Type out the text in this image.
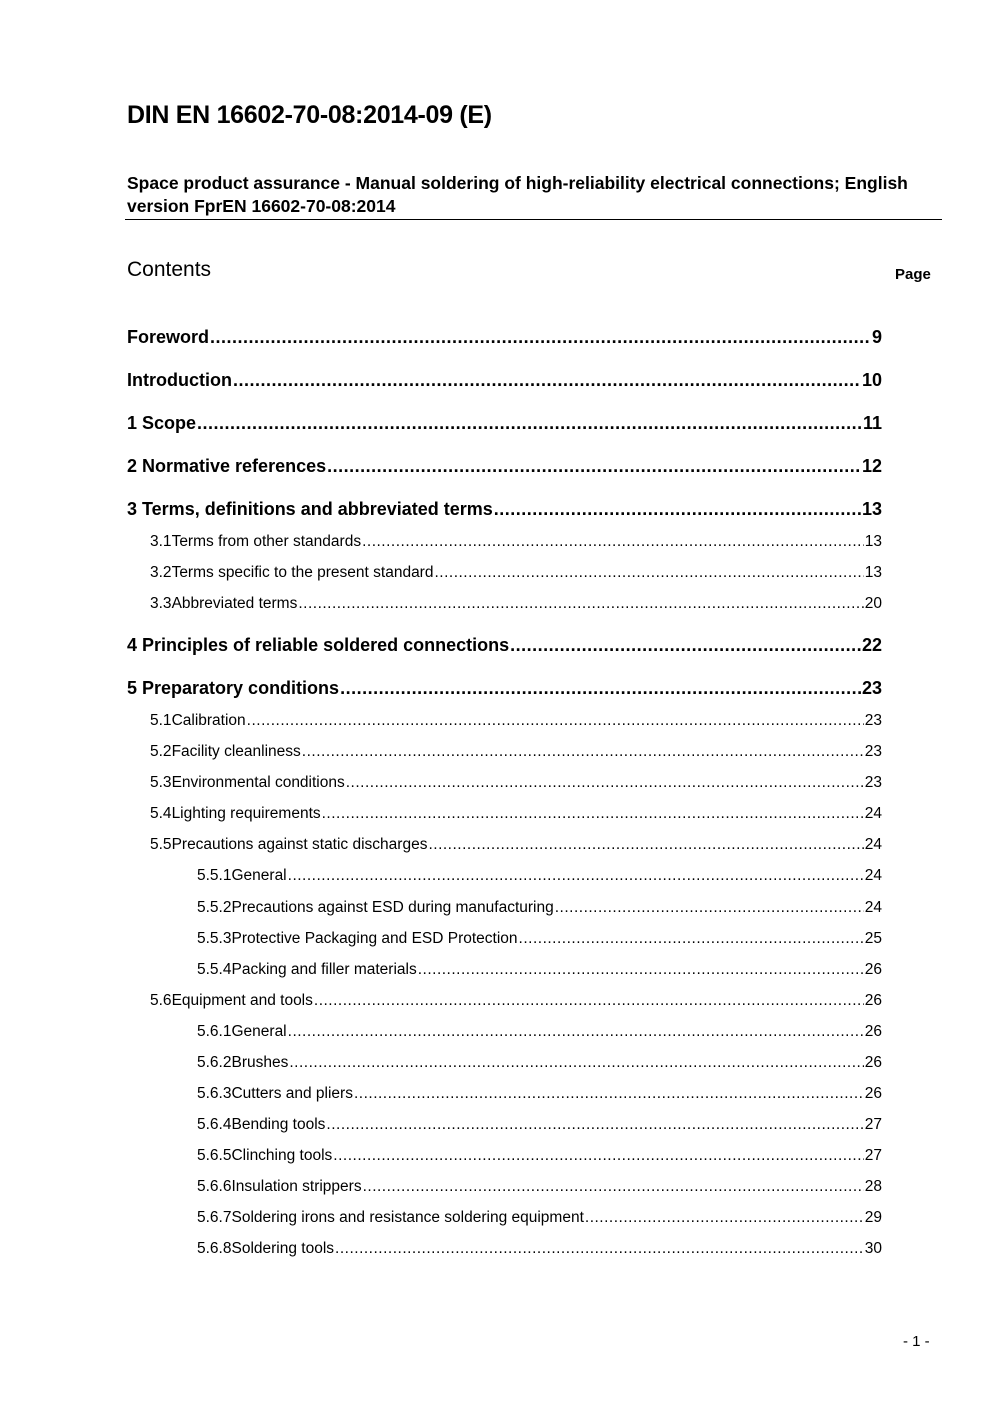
DIN EN 16602-70-08:2014-09 (E)
Space product assurance - Manual soldering of high-reliability electrical connections; English version FprEN 16602-70-08:2014
Contents	Page
Foreword .....	9
Introduction .....	10
1 Scope .....	11
2 Normative references .....	12
3 Terms, definitions and abbreviated terms .....	13
3.1 Terms from other standards .....	13
3.2 Terms specific to the present standard .....	13
3.3 Abbreviated terms .....	20
4 Principles of reliable soldered connections .....	22
5 Preparatory conditions .....	23
5.1 Calibration .....	23
5.2 Facility cleanliness .....	23
5.3 Environmental conditions .....	23
5.4 Lighting requirements .....	24
5.5 Precautions against static discharges .....	24
5.5.1 General .....	24
5.5.2 Precautions against ESD during manufacturing .....	24
5.5.3 Protective Packaging and ESD Protection .....	25
5.5.4 Packing and filler materials .....	26
5.6 Equipment and tools .....	26
5.6.1 General .....	26
5.6.2 Brushes .....	26
5.6.3 Cutters and pliers .....	26
5.6.4 Bending tools .....	27
5.6.5 Clinching tools .....	27
5.6.6 Insulation strippers .....	28
5.6.7 Soldering irons and resistance soldering equipment .....	29
5.6.8 Soldering tools .....	30
- 1 -
